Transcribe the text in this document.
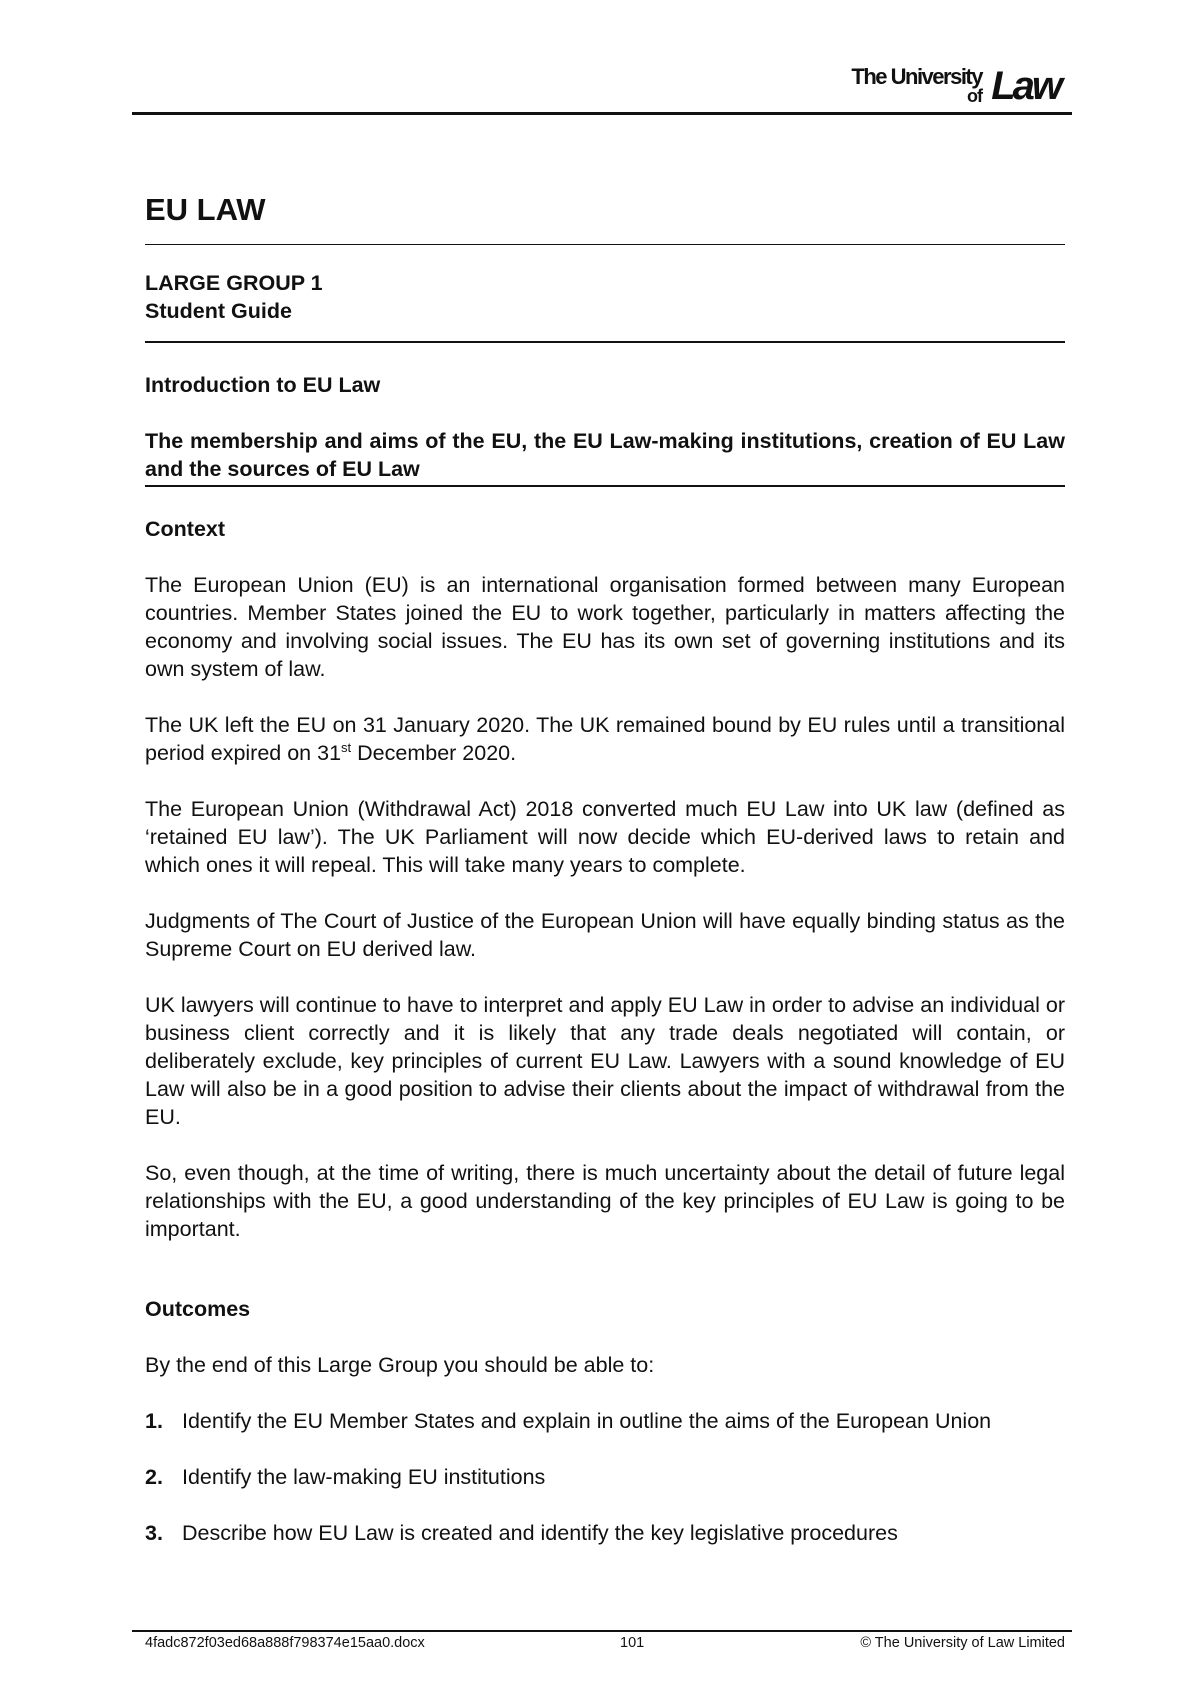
The University
of Law
EU LAW

LARGE GROUP 1

Student Guide

Introduction to EU Law

The membership and aims of the EU, the EU Law-making institutions, creation of EU Law and the sources of EU Law

Context

The European Union (EU) is an international organisation formed between many European countries. Member States joined the EU to work together, particularly in matters affecting the economy and involving social issues. The EU has its own set of governing institutions and its own system of law.

The UK left the EU on 31 January 2020. The UK remained bound by EU rules until a transitional period expired on 31st December 2020.

The European Union (Withdrawal Act) 2018 converted much EU Law into UK law (defined as ‘retained EU law’). The UK Parliament will now decide which EU-derived laws to retain and which ones it will repeal. This will take many years to complete.

Judgments of The Court of Justice of the European Union will have equally binding status as the Supreme Court on EU derived law.

UK lawyers will continue to have to interpret and apply EU Law in order to advise an individual or business client correctly and it is likely that any trade deals negotiated will contain, or deliberately exclude, key principles of current EU Law. Lawyers with a sound knowledge of EU Law will also be in a good position to advise their clients about the impact of withdrawal from the EU.

So, even though, at the time of writing, there is much uncertainty about the detail of future legal relationships with the EU, a good understanding of the key principles of EU Law is going to be important.

Outcomes

By the end of this Large Group you should be able to:

1. Identify the EU Member States and explain in outline the aims of the European Union
2. Identify the law-making EU institutions
3. Describe how EU Law is created and identify the key legislative procedures
4fadc872f03ed68a888f798374e15aa0.docx	101	© The University of Law Limited
